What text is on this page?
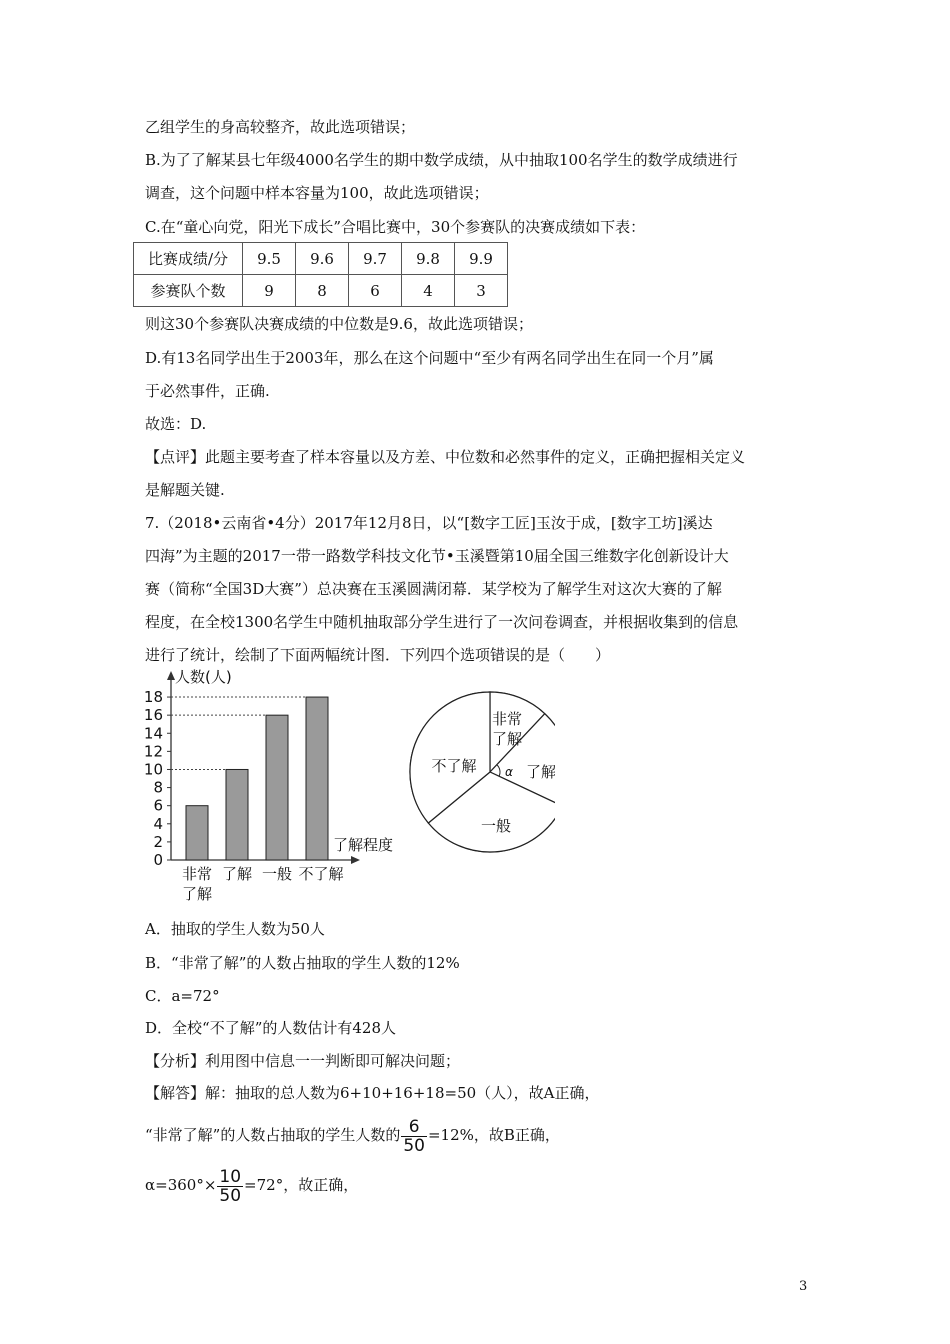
乙组学生的身高较整齐，故此选项错误；
B.为了了解某县七年级4000名学生的期中数学成绩，从中抽取100名学生的数学成绩进行
调查，这个问题中样本容量为100，故此选项错误；
C.在“童心向党，阳光下成长”合唱比赛中，30个参赛队的决赛成绩如下表：
比赛成绩/分	9.5	9.6	9.7	9.8	9.9
参赛队个数	9	8	6	4	3
则这30个参赛队决赛成绩的中位数是9.6，故此选项错误；
D.有13名同学出生于2003年，那么在这个问题中“至少有两名同学出生在同一个月”属
于必然事件，正确.
故选：D.
【点评】此题主要考查了样本容量以及方差、中位数和必然事件的定义，正确把握相关定义
是解题关键.
7.（2018•云南省•4分）2017年12月8日，以“[数字工匠]玉汝于成，[数字工坊]溪达
四海”为主题的2017一带一路数学科技文化节•玉溪暨第10届全国三维数字化创新设计大
赛（简称“全国3D大赛”）总决赛在玉溪圆满闭幕．某学校为了解学生对这次大赛的了解
程度，在全校1300名学生中随机抽取部分学生进行了一次问卷调查，并根据收集到的信息
进行了统计，绘制了下面两幅统计图．下列四个选项错误的是（　　）
人数(人)
了解程度
0
2
4
6
8
10
12
14
16
18
非常
了解
了解 一般 不了解
非常
了解
了解
一般
不了解 α
A．抽取的学生人数为50人
B．“非常了解”的人数占抽取的学生人数的12%
C．a=72°
D．全校“不了解”的人数估计有428人
【分析】利用图中信息一一判断即可解决问题；
【解答】解：抽取的总人数为6+10+16+18=50（人），故A正确，
“非常了解”的人数占抽取的学生人数的 $\frac{6}{50} =12\%$，故B正确，
$\alpha=360^\circ\times \frac{10}{50} =72^\circ$，故正确，
3
